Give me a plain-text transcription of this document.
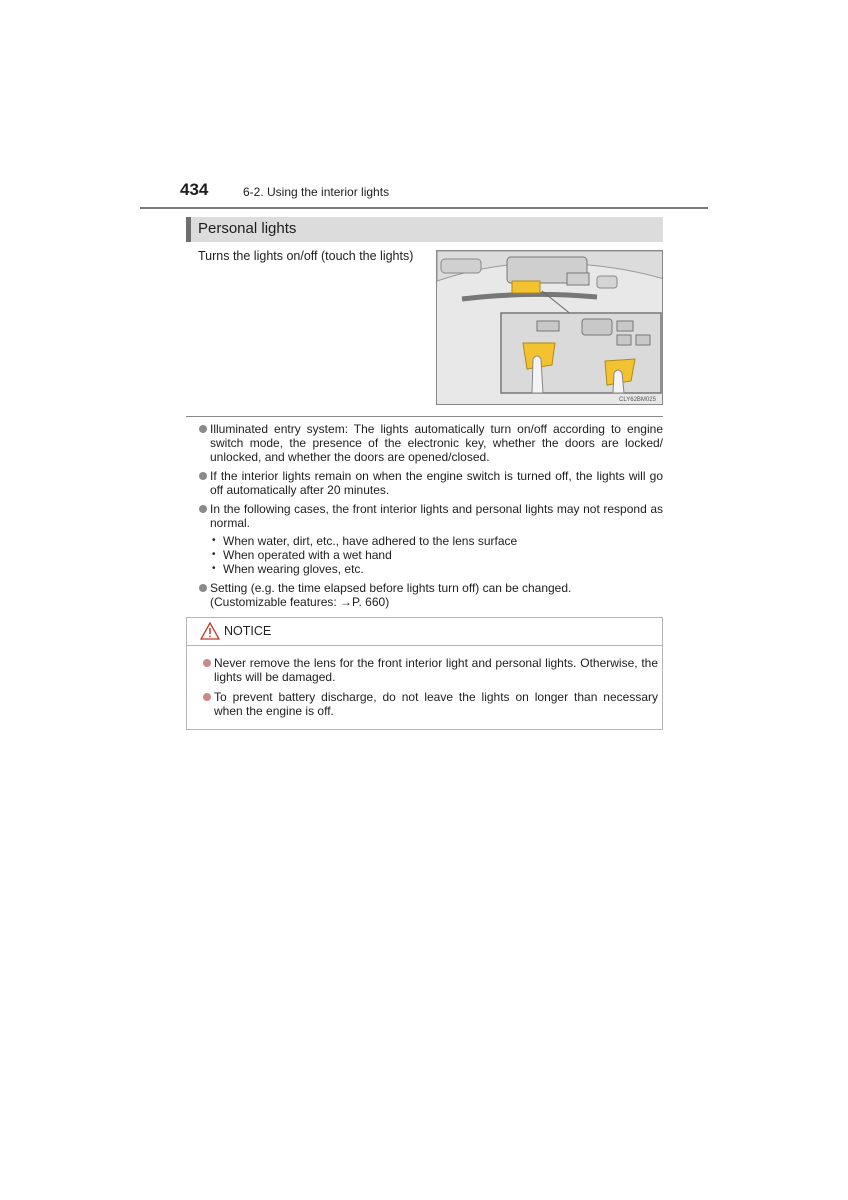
434	6-2. Using the interior lights
Personal lights
Turns the lights on/off (touch the lights)
CLY62BM025
Illuminated entry system: The lights automatically turn on/off according to engine switch mode, the presence of the electronic key, whether the doors are locked/ unlocked, and whether the doors are opened/closed.
If the interior lights remain on when the engine switch is turned off, the lights will go off automatically after 20 minutes.
In the following cases, the front interior lights and personal lights may not respond as normal.
• When water, dirt, etc., have adhered to the lens surface
• When operated with a wet hand
• When wearing gloves, etc.
Setting (e.g. the time elapsed before lights turn off) can be changed.
(Customizable features: →P. 660)
NOTICE
Never remove the lens for the front interior light and personal lights. Otherwise, the lights will be damaged.
To prevent battery discharge, do not leave the lights on longer than necessary when the engine is off.
